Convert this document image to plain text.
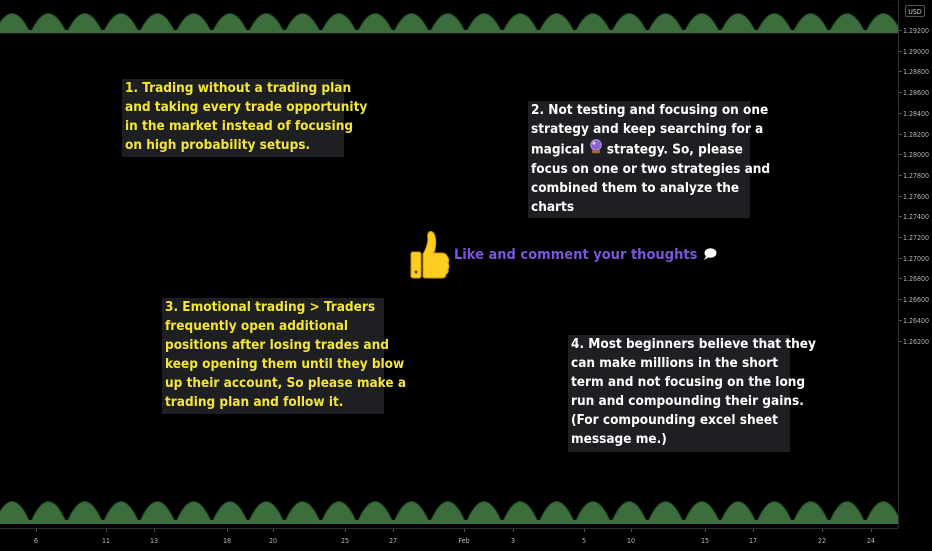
1. Trading without a trading plan
and taking every trade opportunity
in the market instead of focusing
on high probability setups.
2. Not testing and focusing on one
strategy and keep searching for a
magical strategy. So, please
focus on one or two strategies and
combined them to analyze the
charts
Like and comment your thoughts
3. Emotional trading > Traders
frequently open additional
positions after losing trades and
keep opening them until they blow
up their account, So please make a
trading plan and follow it.
4. Most beginners believe that they
can make millions in the short
term and not focusing on the long
run and compounding their gains.
(For compounding excel sheet
message me.)
1.29200
1.29000
1.28800
1.28600
1.28400
1.28200
1.28000
1.27800
1.27600
1.27400
1.27200
1.27000
1.26800
1.26600
1.26400
1.26200
USD
6	11	13	18	20	25	27	Feb	3	5	10	15	17	22	24
